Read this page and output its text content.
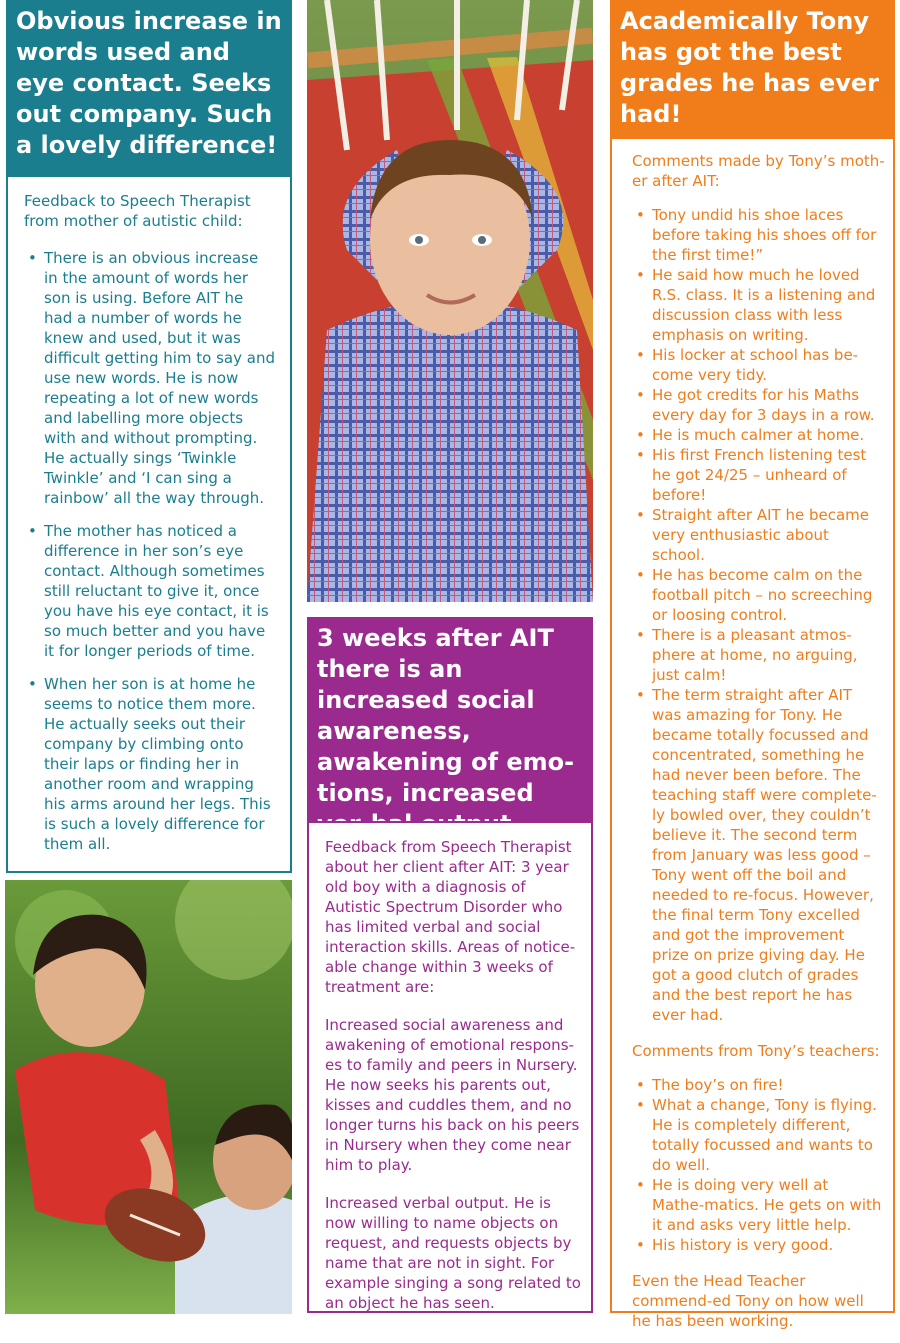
Obvious increase in words used and eye contact. Seeks out company. Such a lovely difference!

Feedback to Speech Therapist from mother of autistic child:

• There is an obvious increase in the amount of words her son is using. Before AIT he had a number of words he knew and used, but it was difficult getting him to say and use new words. He is now repeating a lot of new words and labelling more objects with and without prompting. He actually sings ‘Twinkle Twinkle’ and ‘I can sing a rainbow’ all the way through.
• The mother has noticed a difference in her son’s eye contact. Although sometimes still reluctant to give it, once you have his eye contact, it is so much better and you have it for longer periods of time.
• When her son is at home he seems to notice them more. He actually seeks out their company by climbing onto their laps or finding her in another room and wrapping his arms around her legs. This is such a lovely difference for them all.
3 weeks after AIT there is an increased social awareness, awakening of emo-tions, increased ver-bal output

Feedback from Speech Therapist about her client after AIT: 3 year old boy with a diagnosis of Autistic Spectrum Disorder who has limited verbal and social interaction skills. Areas of notice-able change within 3 weeks of treatment are:

Increased social awareness and awakening of emotional respons-es to family and peers in Nursery. He now seeks his parents out, kisses and cuddles them, and no longer turns his back on his peers in Nursery when they come near him to play.

Increased verbal output. He is now willing to name objects on request, and requests objects by name that are not in sight. For example singing a song related to an object he has seen.

Academically Tony has got the best grades he has ever had!

Comments made by Tony’s moth-er after AIT:

• Tony undid his shoe laces before taking his shoes off for the first time!”
• He said how much he loved R.S. class. It is a listening and discussion class with less emphasis on writing.
• His locker at school has be-come very tidy.
• He got credits for his Maths every day for 3 days in a row.
• He is much calmer at home.
• His first French listening test he got 24/25 – unheard of before!
• Straight after AIT he became very enthusiastic about school.
• He has become calm on the football pitch – no screeching or loosing control.
• There is a pleasant atmos-phere at home, no arguing, just calm!
• The term straight after AIT was amazing for Tony. He became totally focussed and concentrated, something he had never been before. The teaching staff were complete-ly bowled over, they couldn’t believe it. The second term from January was less good – Tony went off the boil and needed to re-focus. However, the final term Tony excelled and got the improvement prize on prize giving day. He got a good clutch of grades and the best report he has ever had.

Comments from Tony’s teachers:

• The boy’s on fire!
• What a change, Tony is flying. He is completely different, totally focussed and wants to do well.
• He is doing very well at Mathe-matics. He gets on with it and asks very little help.
• His history is very good.

Even the Head Teacher commend-ed Tony on how well he has been working.
